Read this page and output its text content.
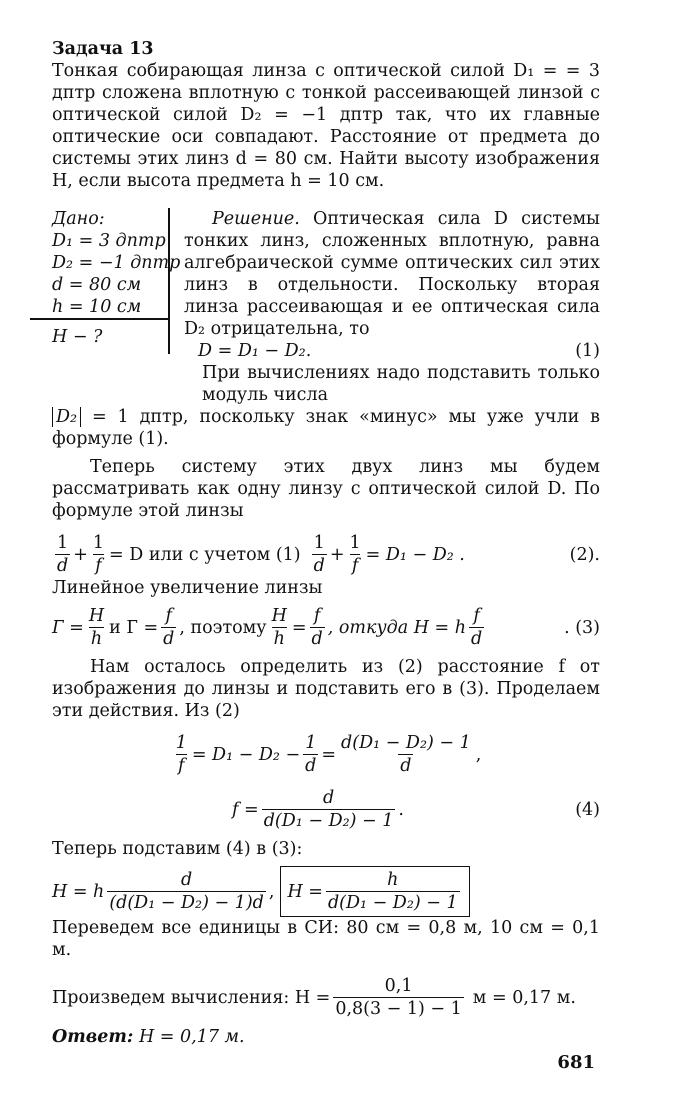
Задача 13
Тонкая собирающая линза с оптической силой D₁ = = 3 дптр сложена вплотную с тонкой рассеивающей линзой с оптической силой D₂ = −1 дптр так, что их главные оптические оси совпадают. Расстояние от предмета до системы этих линз d = 80 см. Найти высоту изображения H, если высота предмета h = 10 см.
Дано:
D₁ = 3 дптр
D₂ = −1 дптр
d = 80 см
h = 10 см
H − ?
Решение. Оптическая сила D системы тонких линз, сложенных вплотную, равна алгебраической сумме оптических сил этих линз в отдельности. Поскольку вторая линза рассеивающая и ее оптическая сила D₂ отрицательна, то
D = D₁ − D₂.	(1)
При вычислениях надо подставить только модуль числа D₂ = 1 дптр, поскольку знак «минус» мы уже учли в формуле (1).
Теперь систему этих двух линз мы будем рассматривать как одну линзу с оптической силой D. По формуле этой линзы
$\frac{1}{d} + \frac{1}{f} = D$ или с учетом $(1) \frac{1}{d} + \frac{1}{f} = D_1 - D_2$ .	(2).
Линейное увеличение линзы
$Г = \frac{H}{h}$ и $Г = \frac{f}{d}$ , поэтому $\frac{H}{h} = \frac{f}{d}$ , откуда H = h $\frac{f}{d}$	. (3)
Нам осталось определить из (2) расстояние f от изображения до линзы и подставить его в (3). Проделаем эти действия. Из (2)
$\frac{1}{f} = D_1 - D_2 - \frac{1}{d} = \frac{\text{d(D₁ − D₂) − 1}}{d}$ ,
$f = \frac{d}{\text{d(D₁ − D₂) − 1}}$ .	(4)
Теперь подставим (4) в (3):
H = h $\frac{d}{\text{(d(D₁ − D₂) − 1)d}}$ , $H = \frac{h}{\text{d(D₁ − D₂) − 1}}$
Переведем все единицы в СИ: 80 см = 0,8 м, 10 см = 0,1 м.
Произведем вычисления: $H = \frac{0,1}{0,8(3 - 1) - 1}$ м = 0,17 м.
Ответ: H = 0,17 м.
681
